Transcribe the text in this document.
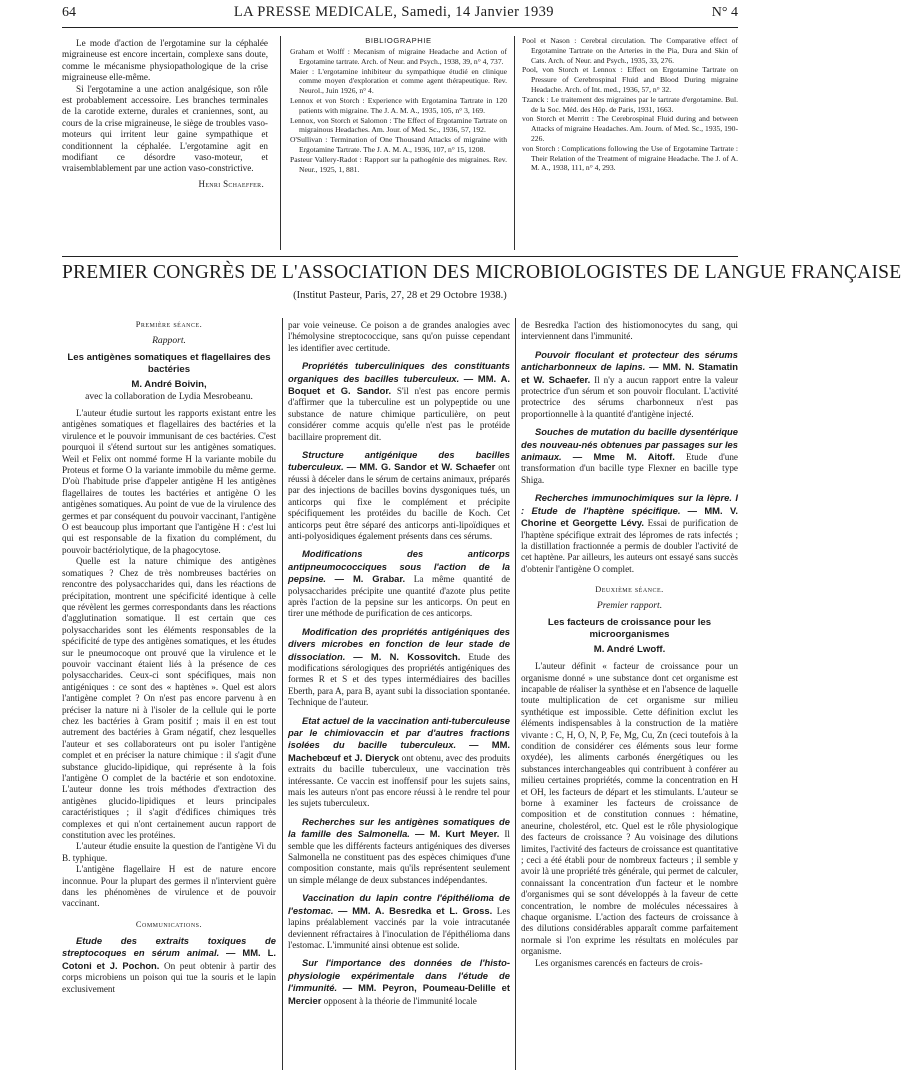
64	LA PRESSE MEDICALE, Samedi, 14 Janvier 1939	N° 4

Le mode d'action de l'ergotamine sur la céphalée migraineuse est encore incertain, complexe sans doute, comme le mécanisme physiopathologique de la crise migraineuse elle-même.

Si l'ergotamine a une action analgésique, son rôle est probablement accessoire. Les branches terminales de la carotide externe, durales et craniennes, sont, au cours de la crise migraineuse, le siège de troubles vaso-moteurs qui irritent leur gaine sympathique et conditionnent la céphalée. L'ergotamine agit en modifiant ce désordre vaso-moteur, et vraisemblablement par une action vaso-constrictive.

Henri Schaeffer.

BIBLIOGRAPHIE

Graham et Wolff : Mecanism of migraine Headache and Action of Ergotamine tartrate. Arch. of Neur. and Psych., 1938, 39, n° 4, 737.

Maier : L'ergotamine inhibiteur du sympathique étudié en clinique comme moyen d'exploration et comme agent thérapeutique. Rev. Neurol., Juin 1926, n° 4.

Lennox et von Storch : Experience with Ergotamina Tartrate in 120 patients with migraine. The J. A. M. A., 1935, 105, n° 3, 169.

Lennox, von Storch et Salomon : The Effect of Ergotamine Tartrate on migrainous Headaches. Am. Jour. of Med. Sc., 1936, 57, 192.

O'Sullivan : Termination of One Thousand Attacks of migraine with Ergotamine Tartrate. The J. A. M. A., 1936, 107, n° 15, 1208.

Pasteur Vallery-Radot : Rapport sur la pathogénie des migraines. Rev. Neur., 1925, 1, 881.

Pool et Nason : Cerebral circulation. The Comparative effect of Ergotamine Tartrate on the Arteries in the Pia, Dura and Skin of Cats. Arch. of Neur. and Psych., 1935, 33, 276.

Pool, von Storch et Lennox : Effect on Ergotamine Tartrate on Pressure of Cerebrospinal Fluid and Blood During migraine Headache. Arch. of Int. med., 1936, 57, n° 32.

Tzanck : Le traitement des migraines par le tartrate d'ergotamine. Bul. de la Soc. Méd. des Hôp. de Paris, 1931, 1663.

von Storch et Merritt : The Cerebrospinal Fluid during and between Attacks of migraine Headaches. Am. Journ. of Med. Sc., 1935, 190-226.

von Storch : Complications following the Use of Ergotamine Tartrate : Their Relation of the Treatment of migraine Headache. The J. of A. M. A., 1938, 111, n° 4, 293.

PREMIER CONGRÈS DE L'ASSOCIATION DES MICROBIOLOGISTES DE LANGUE FRANÇAISE
(Institut Pasteur, Paris, 27, 28 et 29 Octobre 1938.)

Première séance.

Rapport.

Les antigènes somatiques et flagellaires des bactéries

M. André Boivin,

avec la collaboration de Lydia Mesrobeanu.

L'auteur étudie surtout les rapports existant entre les antigènes somatiques et flagellaires des bactéries et la virulence et le pouvoir immunisant de ces bactéries. C'est pourquoi il s'étend surtout sur les antigènes somatiques. Weil et Felix ont nommé forme H la variante mobile du Proteus et forme O la variante immobile du même germe. D'où l'habitude prise d'appeler antigène H les antigènes flagellaires de toutes les bactéries et antigène O les antigènes somatiques. Au point de vue de la virulence des germes et par conséquent du pouvoir vaccinant, l'antigène O est beaucoup plus important que l'antigène H : c'est lui qui est responsable de la fixation du complément, du pouvoir bactériolytique, de la phagocytose.

Quelle est la nature chimique des antigènes somatiques ? Chez de très nombreuses bactéries on rencontre des polysaccharides qui, dans les réactions de précipitation, montrent une spécificité identique à celle que révèlent les germes correspondants dans les réactions d'agglutination somatique. Il est certain que ces polysaccharides sont les éléments responsables de la spécificité de type des antigènes somatiques, et les études sur le pneumocoque ont prouvé que la virulence et le pouvoir vaccinant étaient liés à la présence de ces polysaccharides. Ceux-ci sont spécifiques, mais non antigéniques : ce sont des « haptènes ». Quel est alors l'antigène complet ? On n'est pas encore parvenu à en préciser la nature ni à l'isoler de la cellule qui le porte chez les bactéries à Gram positif ; mais il en est tout autrement des bactéries à Gram négatif, chez lesquelles l'auteur et ses collaborateurs ont pu isoler l'antigène complet et en préciser la nature chimique : il s'agit d'une substance glucido-lipidique, qui représente à la fois l'antigène O complet de la bactérie et son endotoxine. L'auteur donne les trois méthodes d'extraction des antigènes glucido-lipidiques et leurs principales caractéristiques ; il s'agit d'édifices chimiques très complexes et qui n'ont certainement aucun rapport de constitution avec les protéines.

L'auteur étudie ensuite la question de l'antigène Vi du B. typhique.

L'antigène flagellaire H est de nature encore inconnue. Pour la plupart des germes il n'intervient guère dans les phénomènes de virulence et de pouvoir vaccinant.

Communications.

Etude des extraits toxiques de streptocoques en sérum animal. — MM. L. Cotoni et J. Pochon. On peut obtenir à partir des corps microbiens un poison qui tue la souris et le lapin exclusivement

par voie veineuse. Ce poison a de grandes analogies avec l'hémolysine streptococcique, sans qu'on puisse cependant les identifier avec certitude.

Propriétés tuberculiniques des constituants organiques des bacilles tuberculeux. — MM. A. Boquet et G. Sandor. S'il n'est pas encore permis d'affirmer que la tuberculine est un polypeptide ou une substance de nature chimique particulière, on peut considérer comme acquis qu'elle n'est pas le protéide bacillaire proprement dit.

Structure antigénique des bacilles tuberculeux. — MM. G. Sandor et W. Schaefer ont réussi à déceler dans le sérum de certains animaux, préparés par des injections de bacilles bovins dysgoniques tués, un anticorps qui fixe le complément et précipite spécifiquement les protéides du bacille de Koch. Cet anticorps peut être séparé des anticorps anti-lipoïdiques et anti-polyosidiques également présents dans ces sérums.

Modifications des anticorps antipneumococciques sous l'action de la pepsine. — M. Grabar. La même quantité de polysaccharides précipite une quantité d'azote plus petite après l'action de la pepsine sur les anticorps. On peut en tirer une méthode de purification de ces anticorps.

Modification des propriétés antigéniques des divers microbes en fonction de leur stade de dissociation. — M. N. Kossovitch. Etude des modifications sérologiques des propriétés antigéniques des formes R et S et des types intermédiaires des bacilles Eberth, para A, para B, ayant subi la dissociation spontanée. Technique de l'auteur.

Etat actuel de la vaccination anti-tuberculeuse par le chimiovaccin et par d'autres fractions isolées du bacille tuberculeux. — MM. Machebœuf et J. Dieryck ont obtenu, avec des produits extraits du bacille tuberculeux, une vaccination très intéressante. Ce vaccin est inoffensif pour les sujets sains, mais les auteurs n'ont pas encore réussi à le rendre tel pour les sujets tuberculeux.

Recherches sur les antigènes somatiques de la famille des Salmonella. — M. Kurt Meyer. Il semble que les différents facteurs antigéniques des diverses Salmonella ne constituent pas des espèces chimiques d'une composition constante, mais qu'ils représentent seulement un simple mélange de deux substances indépendantes.

Vaccination du lapin contre l'épithélioma de l'estomac. — MM. A. Besredka et L. Gross. Les lapins préalablement vaccinés par la voie intracutanée deviennent réfractaires à l'inoculation de l'épithélioma dans l'estomac. L'immunité ainsi obtenue est solide.

Sur l'importance des données de l'histo-physiologie expérimentale dans l'étude de l'immunité. — MM. Peyron, Poumeau-Delille et Mercier opposent à la théorie de l'immunité locale

de Besredka l'action des histiomonocytes du sang, qui interviennent dans l'immunité.

Pouvoir floculant et protecteur des sérums anticharbonneux de lapins. — MM. N. Stamatin et W. Schaefer. Il n'y a aucun rapport entre la valeur protectrice d'un sérum et son pouvoir floculant. L'activité protectrice des sérums charbonneux n'est pas proportionnelle à la quantité d'antigène injecté.

Souches de mutation du bacille dysentérique des nouveau-nés obtenues par passages sur les animaux. — Mme M. Aitoff. Etude d'une transformation d'un bacille type Flexner en bacille type Shiga.

Recherches immunochimiques sur la lèpre. I : Etude de l'haptène spécifique. — MM. V. Chorine et Georgette Lévy. Essai de purification de l'haptène spécifique extrait des lépromes de rats infectés ; la distillation fractionnée a permis de doubler l'activité de cet haptène. Par ailleurs, les auteurs ont essayé sans succès d'obtenir l'antigène O complet.

Deuxième séance.

Premier rapport.

Les facteurs de croissance pour les microorganismes

M. André Lwoff.

L'auteur définit « facteur de croissance pour un organisme donné » une substance dont cet organisme est incapable de réaliser la synthèse et en l'absence de laquelle toute multiplication de cet organisme sur milieu synthétique est impossible. Cette définition exclut les éléments indispensables à la construction de la matière vivante : C, H, O, N, P, Fe, Mg, Cu, Zn (ceci toutefois à la condition de considérer ces éléments sous leur forme oxydée), les aliments carbonés énergétiques ou les substances interchangeables qui contribuent à conférer au milieu certaines propriétés, comme la concentration en H et OH, les facteurs de départ et les stimulants. L'auteur se borne à examiner les facteurs de croissance de composition et de constitution connues : hématine, aneurine, cholestérol, etc. Quel est le rôle physiologique des facteurs de croissance ? Au voisinage des dilutions limites, l'activité des facteurs de croissance est quantitative ; ceci a été établi pour de nombreux facteurs ; il semble y avoir là une propriété très générale, qui permet de calculer, connaissant la concentration d'un facteur et le nombre d'organismes qui se sont développés à la faveur de cette concentration, le nombre de molécules nécessaires à chaque organisme. L'action des facteurs de croissance à des dilutions considérables apparaît comme parfaitement normale si l'on exprime les résultats en molécules par organisme.

Les organismes carencés en facteurs de crois-
